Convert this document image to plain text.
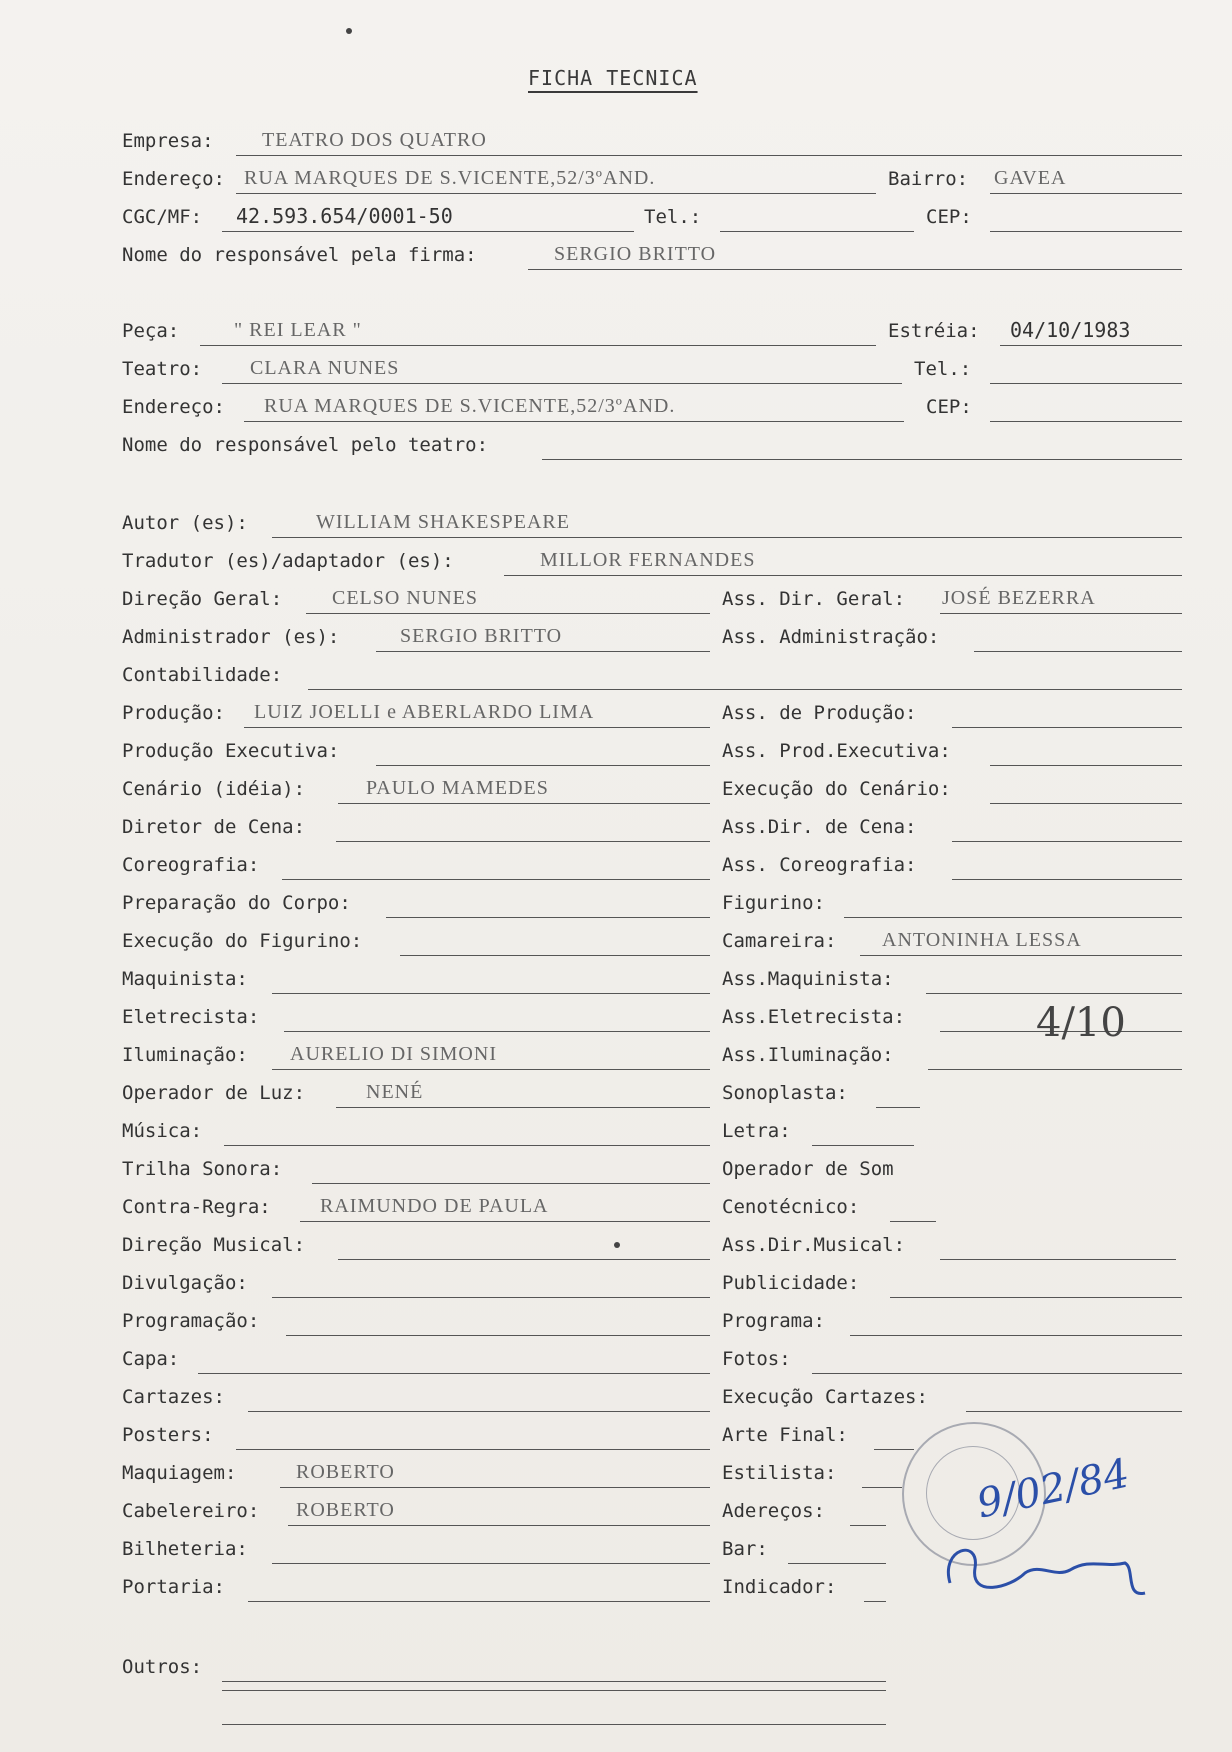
FICHA TECNICA
Empresa: TEATRO DOS QUATRO
Endereço: RUA MARQUES DE S.VICENTE,52/3ºAND.	Bairro: GAVEA
CGC/MF: 42.593.654/0001-50	Tel.:	CEP:
Nome do responsável pela firma:	SERGIO BRITTO
Peça:	" REI LEAR "	Estréia: 04/10/1983
Teatro: CLARA NUNES	Tel.:
Endereço: RUA MARQUES DE S.VICENTE,52/3ºAND.	CEP:
Nome do responsável pelo teatro:
Autor (es):	WILLIAM SHAKESPEARE
Tradutor (es)/adaptador (es):	MILLOR FERNANDES
Direção Geral: CELSO NUNES	Ass. Dir. Geral: JOSÉ BEZERRA
Administrador (es):	SERGIO BRITTO	Ass. Administração:
Contabilidade:
Produção: LUIZ JOELLI e ABERLARDO LIMA	Ass. de Produção:
Produção Executiva:	Ass. Prod.Executiva:
Cenário (idéia):	PAULO MAMEDES	Execução do Cenário:
Diretor de Cena:	Ass.Dir. de Cena:
Coreografia:	Ass. Coreografia:
Preparação do Corpo:	Figurino:
Execução do Figurino:	Camareira: ANTONINHA LESSA
Maquinista:	Ass.Maquinista:
Eletrecista:	Ass.Eletrecista:
Iluminação: AURELIO DI SIMONI	Ass.Iluminação:
Operador de Luz:	NENÉ	Sonoplasta:
Música:	Letra:
Trilha Sonora:	Operador de Som
Contra-Regra: RAIMUNDO DE PAULA	Cenotécnico:
Direção Musical:	Ass.Dir.Musical:
Divulgação:	Publicidade:
Programação:	Programa:
Capa:	Fotos:
Cartazes:	Execução Cartazes:
Posters:	Arte Final:
Maquiagem:	ROBERTO	Estilista:
Cabelereiro: ROBERTO	Adereços:
Bilheteria:	Bar:
Portaria:	Indicador:
Outros:
4/10
9/02/84
